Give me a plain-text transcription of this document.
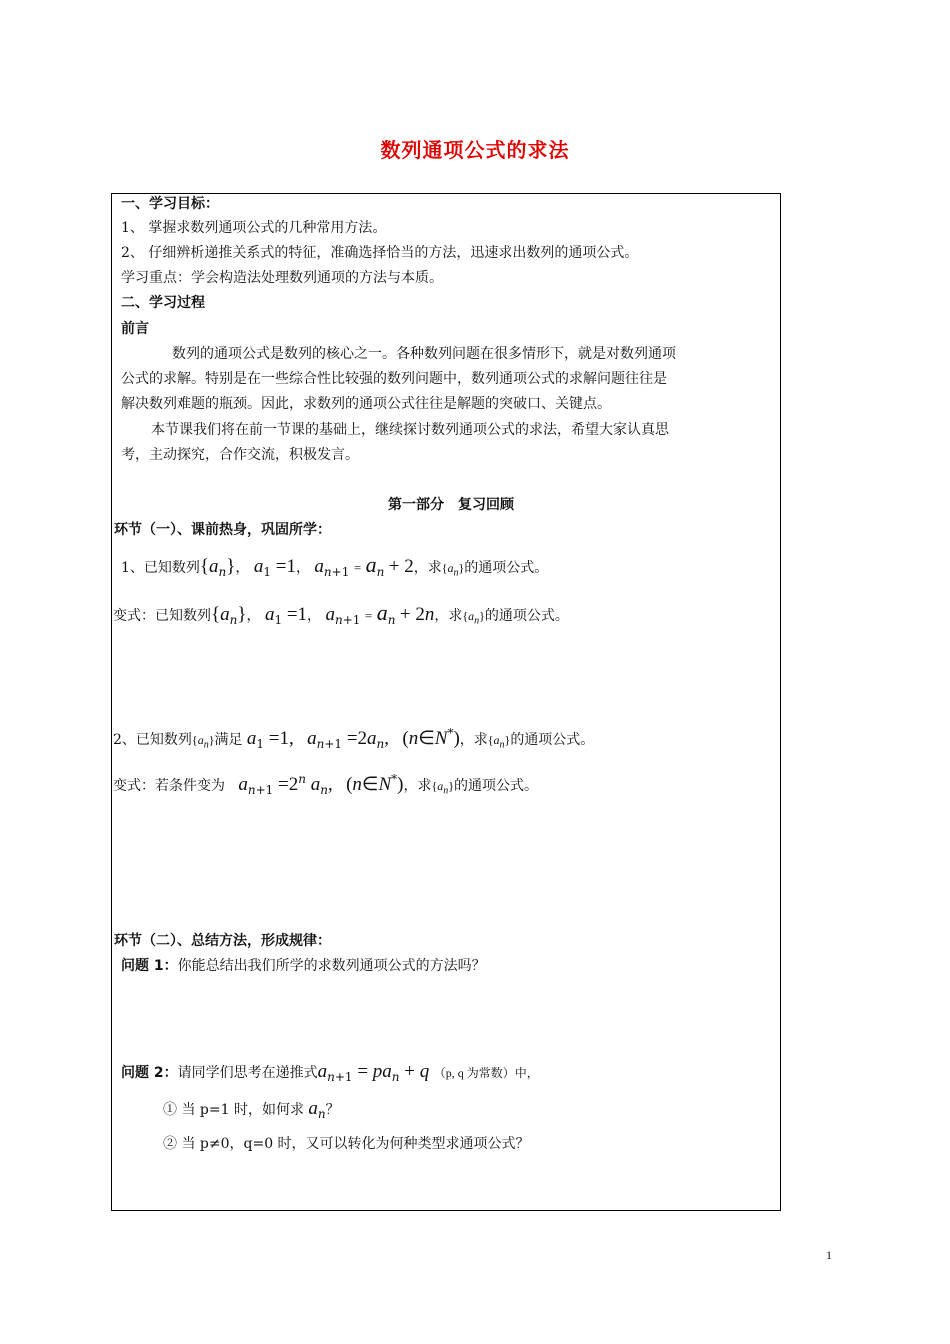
数列通项公式的求法
一、学习目标：
1、 掌握求数列通项公式的几种常用方法。
2、 仔细辨析递推关系式的特征，准确选择恰当的方法，迅速求出数列的通项公式。
学习重点：学会构造法处理数列通项的方法与本质。
二、学习过程
前言
数列的通项公式是数列的核心之一。各种数列问题在很多情形下，就是对数列通项
公式的求解。特别是在一些综合性比较强的数列问题中，数列通项公式的求解问题往往是
解决数列难题的瓶颈。因此，求数列的通项公式往往是解题的突破口、关键点。
本节课我们将在前一节课的基础上，继续探讨数列通项公式的求法，希望大家认真思
考，主动探究，合作交流，积极发言。
第一部分　复习回顾
环节（一）、课前热身，巩固所学：
1、已知数列{an}， a1 =1， an+1 = an + 2，求$\{a_n\}$的通项公式。
变式：已知数列{an}， a1 =1， an+1 = an + 2n，求$\{a_n\}$的通项公式。
2、已知数列$\{a_n\}$满足 a1 =1, an+1 =2an, (n∈N*)，求$\{a_n\}$的通项公式。
变式：若条件变为 an+1 =2n an, (n∈N*)，求$\{a_n\}$的通项公式。
环节（二）、总结方法，形成规律：
问题 1：你能总结出我们所学的求数列通项公式的方法吗？
问题 2：请同学们思考在递推式an+1 = pan + q （p, q 为常数）中，
① 当 p=1 时，如何求 an？
② 当 p≠0，q=0 时，又可以转化为何种类型求通项公式？
1
